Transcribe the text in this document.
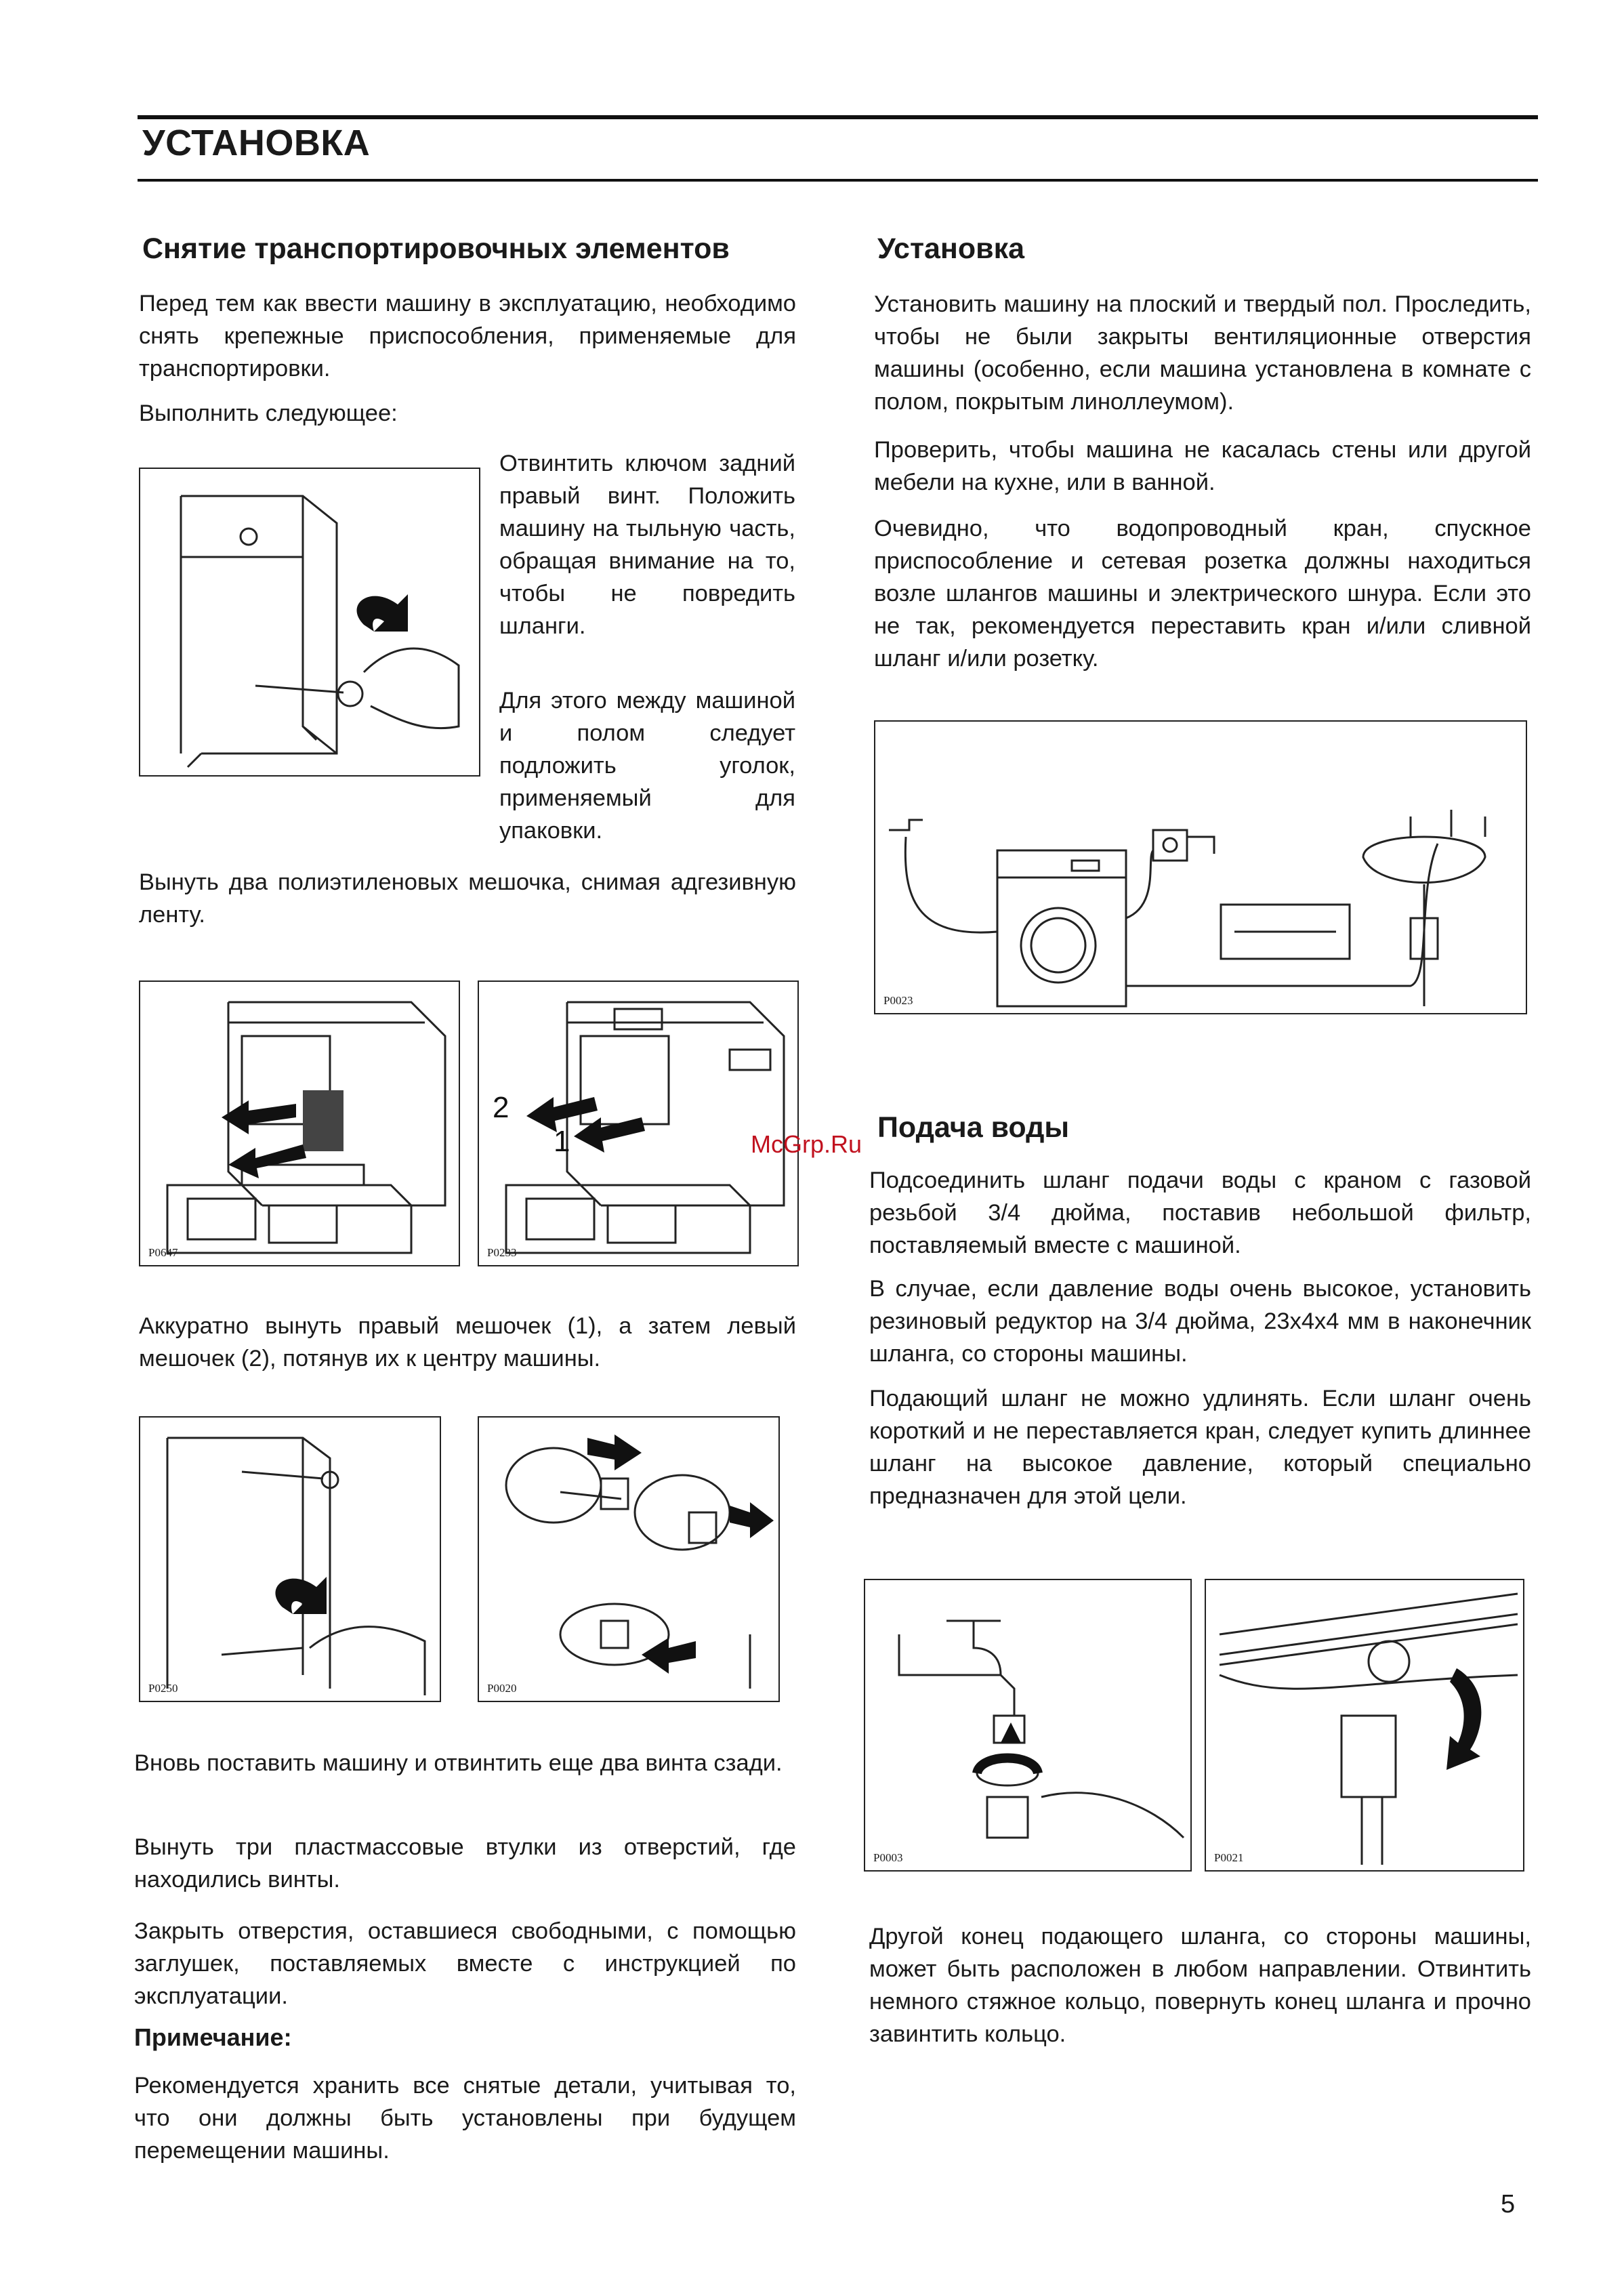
УСТАНОВКА
Снятие транспортировочных элементов
Перед тем как ввести машину в эксплуатацию, необходимо снять крепежные приспособления, применяемые для транспортировки.
Выполнить следующее:
Отвинтить ключом задний правый винт. Положить машину на тыльную часть, обращая внимание на то, чтобы не повредить шланги.
Для этого между машиной и полом следует подложить уголок, применяемый для упаковки.
Вынуть два полиэтиленовых мешочка, снимая адгезивную ленту.
P0647
2
1
P0233
Аккуратно вынуть правый мешочек (1), а затем левый мешочек (2), потянув их к центру машины.
P0250	P0020
Вновь поставить машину и отвинтить еще два винта сзади.
Вынуть три пластмассовые втулки из отверстий, где находились винты.
Закрыть отверстия, оставшиеся свободными, с помощью заглушек, поставляемых вместе с инструкцией по эксплуатации.
Примечание:
Рекомендуется хранить все снятые детали, учитывая то, что они должны быть установлены при будущем перемещении машины.
Установка
Установить машину на плоский и твердый пол. Проследить, чтобы не были закрыты вентиляционные отверстия машины (особенно, если машина установлена в комнате с полом, покрытым линоллеумом).
Проверить, чтобы машина не касалась стены или другой мебели на кухне, или в ванной.
Очевидно, что водопроводный кран, спускное приспособление и сетевая розетка должны находиться возле шлангов машины и электрического шнура. Если это не так, рекомендуется переставить кран и/или сливной шланг и/или розетку.
P0023
Подача воды
McGrp.Ru
Подсоединить шланг подачи воды с краном с газовой резьбой 3/4 дюйма, поставив небольшой фильтр, поставляемый вместе с машиной.
В случае, если давление воды очень высокое, установить резиновый редуктор на 3/4 дюйма, 23x4x4 мм в наконечник шланга, со стороны машины.
Подающий шланг не можно удлинять. Если шланг очень короткий и не переставляется кран, следует купить длиннее шланг на высокое давление, который специально предназначен для этой цели.
P0003	P0021
Другой конец подающего шланга, со стороны машины, может быть расположен в любом направлении. Отвинтить немного стяжное кольцо, повернуть конец шланга и прочно завинтить кольцо.
5
